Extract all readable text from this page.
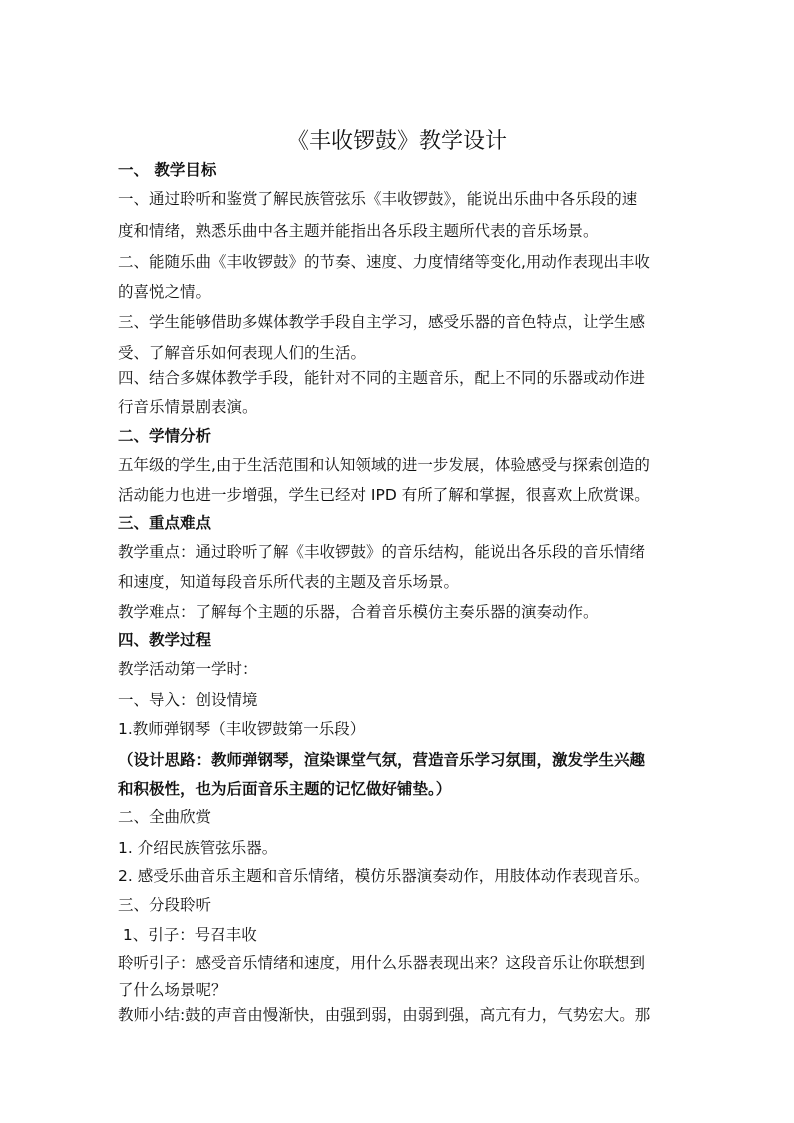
《丰收锣鼓》教学设计
一、 教学目标
一、通过聆听和鉴赏了解民族管弦乐《丰收锣鼓》，能说出乐曲中各乐段的速
度和情绪，熟悉乐曲中各主题并能指出各乐段主题所代表的音乐场景。
二、能随乐曲《丰收锣鼓》的节奏、速度、力度情绪等变化,用动作表现出丰收
的喜悦之情。
三、学生能够借助多媒体教学手段自主学习，感受乐器的音色特点，让学生感
受、了解音乐如何表现人们的生活。
四、结合多媒体教学手段，能针对不同的主题音乐，配上不同的乐器或动作进
行音乐情景剧表演。
二、学情分析
五年级的学生,由于生活范围和认知领域的进一步发展，体验感受与探索创造的
活动能力也进一步增强，学生已经对 IPD 有所了解和掌握，很喜欢上欣赏课。
三、重点难点
教学重点：通过聆听了解《丰收锣鼓》的音乐结构，能说出各乐段的音乐情绪
和速度，知道每段音乐所代表的主题及音乐场景。
教学难点：了解每个主题的乐器，合着音乐模仿主奏乐器的演奏动作。
四、教学过程
教学活动第一学时：
一、导入：创设情境
1.教师弹钢琴（丰收锣鼓第一乐段）
（设计思路：教师弹钢琴，渲染课堂气氛，营造音乐学习氛围，激发学生兴趣
和积极性，也为后面音乐主题的记忆做好铺垫。）
二、全曲欣赏
1. 介绍民族管弦乐器。
2. 感受乐曲音乐主题和音乐情绪，模仿乐器演奏动作，用肢体动作表现音乐。
三、分段聆听
1、引子：号召丰收
聆听引子：感受音乐情绪和速度，用什么乐器表现出来？这段音乐让你联想到
了什么场景呢？
教师小结:鼓的声音由慢渐快，由强到弱，由弱到强，高亢有力，气势宏大。那
